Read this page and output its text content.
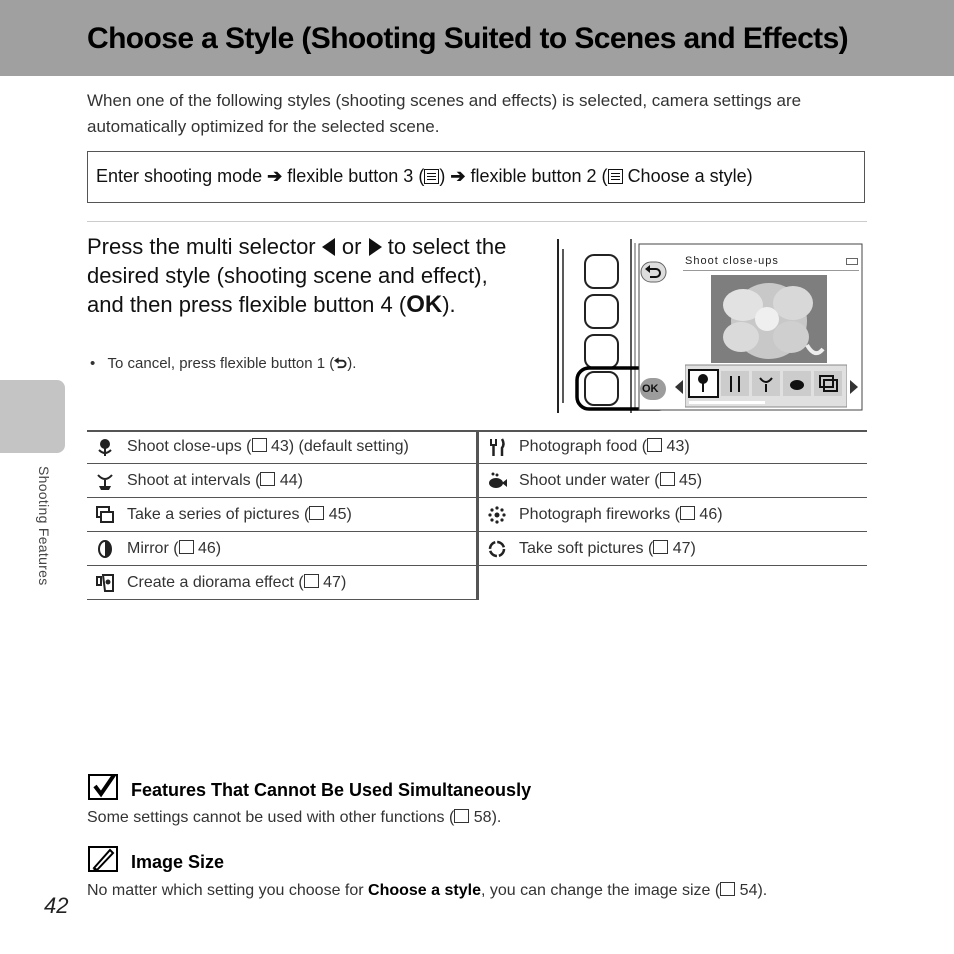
Choose a Style (Shooting Suited to Scenes and Effects)
When one of the following styles (shooting scenes and effects) is selected, camera settings are automatically optimized for the selected scene.
Enter shooting mode ➔ flexible button 3 ( ) ➔ flexible button 2 ( Choose a style)
Press the multi selector or to select the desired style (shooting scene and effect), and then press flexible button 4 (OK).
• To cancel, press flexible button 1 ( ).
Shoot close-ups
OK
Shoot close-ups ( 43) (default setting)	Photograph food ( 43)
Shoot at intervals ( 44)	Shoot under water ( 45)
Take a series of pictures ( 45)	Photograph fireworks ( 46)
Mirror ( 46)	Take soft pictures ( 47)
Create a diorama effect ( 47)
Shooting Features
Features That Cannot Be Used Simultaneously
Some settings cannot be used with other functions ( 58).
Image Size
No matter which setting you choose for Choose a style, you can change the image size ( 54).
42
